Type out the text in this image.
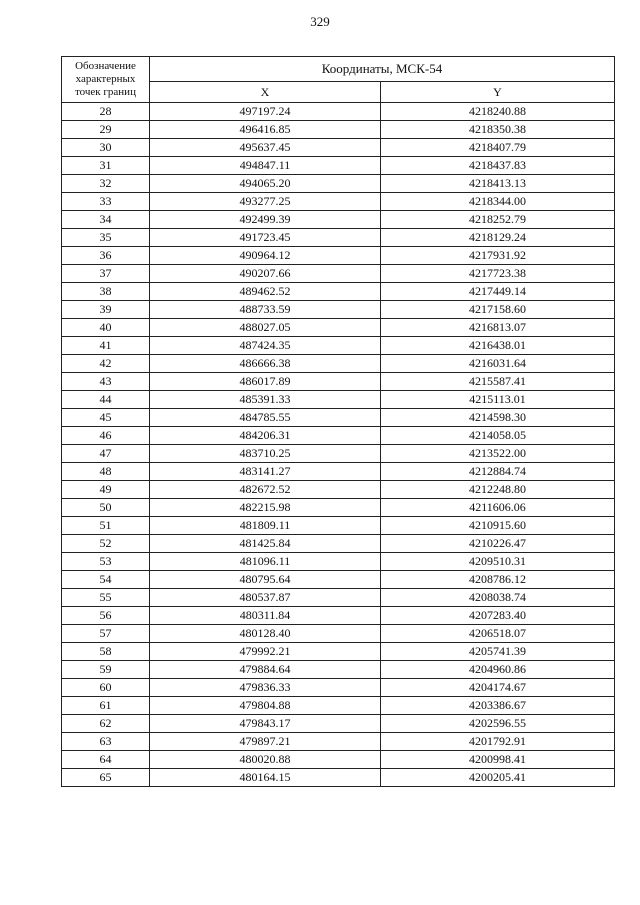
329
Обозначение характерных точек границ	Координаты, МСК-54	
	X	Y
28	497197.24	4218240.88
29	496416.85	4218350.38
30	495637.45	4218407.79
31	494847.11	4218437.83
32	494065.20	4218413.13
33	493277.25	4218344.00
34	492499.39	4218252.79
35	491723.45	4218129.24
36	490964.12	4217931.92
37	490207.66	4217723.38
38	489462.52	4217449.14
39	488733.59	4217158.60
40	488027.05	4216813.07
41	487424.35	4216438.01
42	486666.38	4216031.64
43	486017.89	4215587.41
44	485391.33	4215113.01
45	484785.55	4214598.30
46	484206.31	4214058.05
47	483710.25	4213522.00
48	483141.27	4212884.74
49	482672.52	4212248.80
50	482215.98	4211606.06
51	481809.11	4210915.60
52	481425.84	4210226.47
53	481096.11	4209510.31
54	480795.64	4208786.12
55	480537.87	4208038.74
56	480311.84	4207283.40
57	480128.40	4206518.07
58	479992.21	4205741.39
59	479884.64	4204960.86
60	479836.33	4204174.67
61	479804.88	4203386.67
62	479843.17	4202596.55
63	479897.21	4201792.91
64	480020.88	4200998.41
65	480164.15	4200205.41
